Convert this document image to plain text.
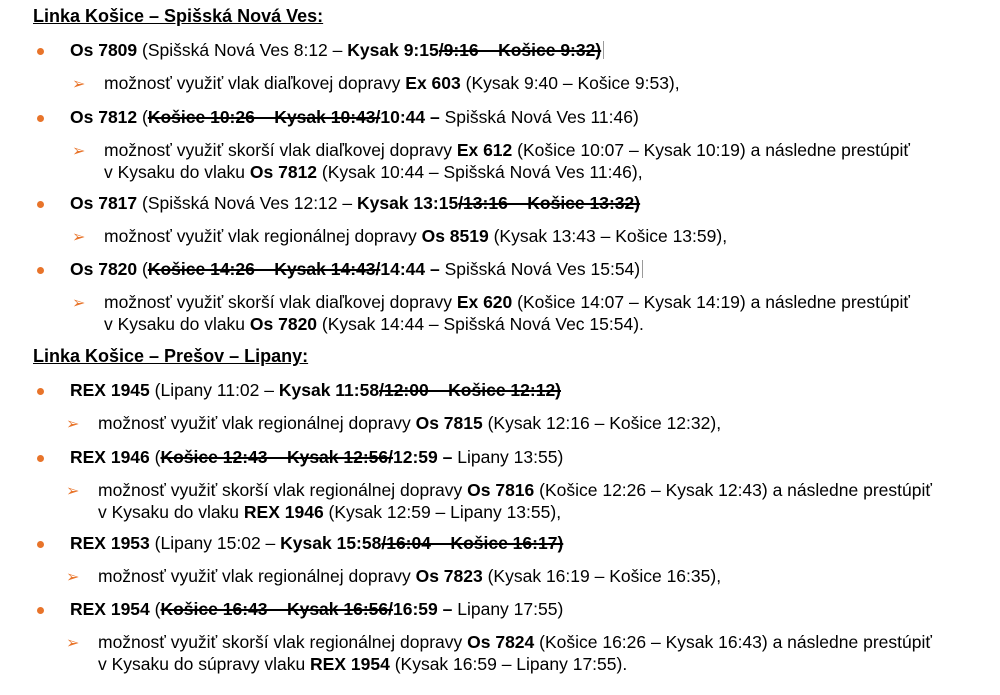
Linka Košice – Spišská Nová Ves:
Os 7809 (Spišská Nová Ves 8:12 – Kysak 9:15/9:16 – Košice 9:32)
➢ možnosť využiť vlak diaľkovej dopravy Ex 603 (Kysak 9:40 – Košice 9:53),
Os 7812 (Košice 10:26 – Kysak 10:43/10:44 – Spišská Nová Ves 11:46)
➢ možnosť využiť skorší vlak diaľkovej dopravy Ex 612 (Košice 10:07 – Kysak 10:19) a následne prestúpiť
v Kysaku do vlaku Os 7812 (Kysak 10:44 – Spišská Nová Ves 11:46),
Os 7817 (Spišská Nová Ves 12:12 – Kysak 13:15/13:16 – Košice 13:32)
➢ možnosť využiť vlak regionálnej dopravy Os 8519 (Kysak 13:43 – Košice 13:59),
Os 7820 (Košice 14:26 – Kysak 14:43/14:44 – Spišská Nová Ves 15:54)
➢ možnosť využiť skorší vlak diaľkovej dopravy Ex 620 (Košice 14:07 – Kysak 14:19) a následne prestúpiť
v Kysaku do vlaku Os 7820 (Kysak 14:44 – Spišská Nová Vec 15:54).
Linka Košice – Prešov – Lipany:
REX 1945 (Lipany 11:02 – Kysak 11:58/12:00 – Košice 12:12)
➢ možnosť využiť vlak regionálnej dopravy Os 7815 (Kysak 12:16 – Košice 12:32),
REX 1946 (Košice 12:43 – Kysak 12:56/12:59 – Lipany 13:55)
➢ možnosť využiť skorší vlak regionálnej dopravy Os 7816 (Košice 12:26 – Kysak 12:43) a následne prestúpiť
v Kysaku do vlaku REX 1946 (Kysak 12:59 – Lipany 13:55),
REX 1953 (Lipany 15:02 – Kysak 15:58/16:04 – Košice 16:17)
➢ možnosť využiť vlak regionálnej dopravy Os 7823 (Kysak 16:19 – Košice 16:35),
REX 1954 (Košice 16:43 – Kysak 16:56/16:59 – Lipany 17:55)
➢ možnosť využiť skorší vlak regionálnej dopravy Os 7824 (Košice 16:26 – Kysak 16:43) a následne prestúpiť
v Kysaku do súpravy vlaku REX 1954 (Kysak 16:59 – Lipany 17:55).
